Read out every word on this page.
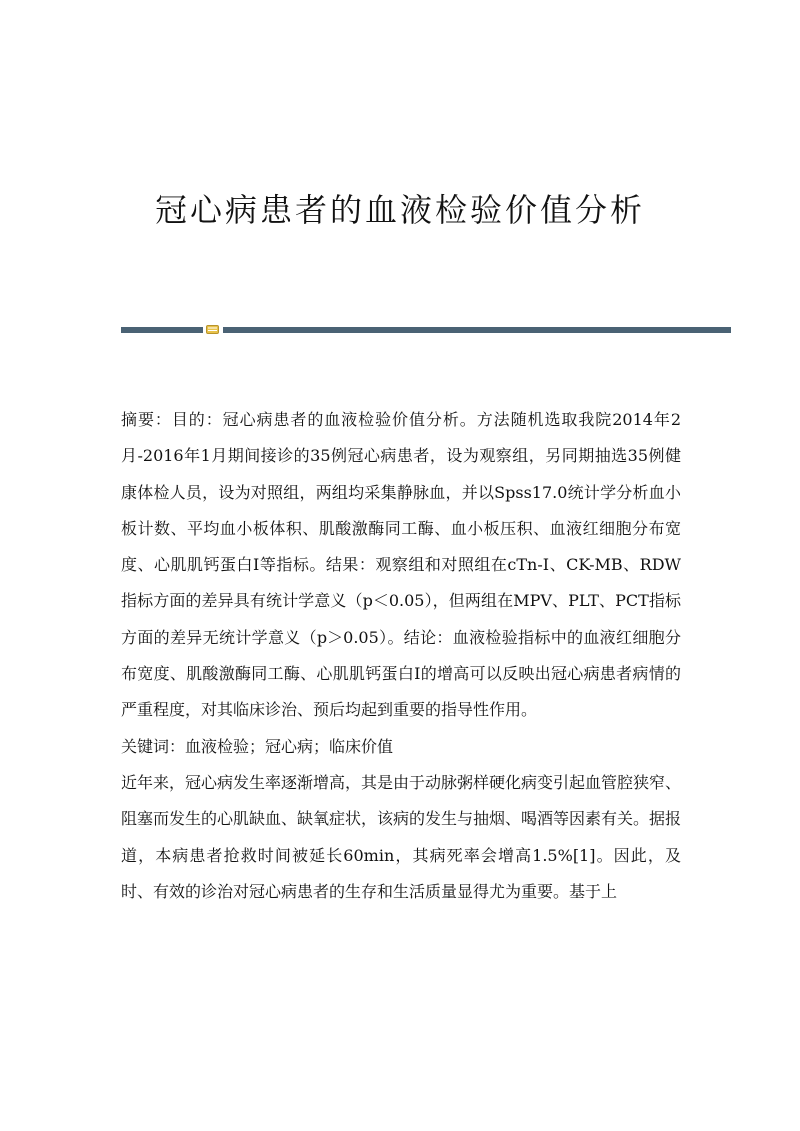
冠心病患者的血液检验价值分析

摘要：目的：冠心病患者的血液检验价值分析。方法随机选取我院2014年2月-2016年1月期间接诊的35例冠心病患者，设为观察组，另同期抽选35例健康体检人员，设为对照组，两组均采集静脉血，并以Spss17.0统计学分析血小板计数、平均血小板体积、肌酸激酶同工酶、血小板压积、血液红细胞分布宽度、心肌肌钙蛋白I等指标。结果：观察组和对照组在cTn-I、CK-MB、RDW指标方面的差异具有统计学意义（p＜0.05），但两组在MPV、PLT、PCT指标方面的差异无统计学意义（p＞0.05）。结论：血液检验指标中的血液红细胞分布宽度、肌酸激酶同工酶、心肌肌钙蛋白I的增高可以反映出冠心病患者病情的严重程度，对其临床诊治、预后均起到重要的指导性作用。

关键词：血液检验；冠心病；临床价值

近年来，冠心病发生率逐渐增高，其是由于动脉粥样硬化病变引起血管腔狭窄、阻塞而发生的心肌缺血、缺氧症状，该病的发生与抽烟、喝酒等因素有关。据报道，本病患者抢救时间被延长60min，其病死率会增高1.5%[1]。因此，及时、有效的诊治对冠心病患者的生存和生活质量显得尤为重要。基于上
